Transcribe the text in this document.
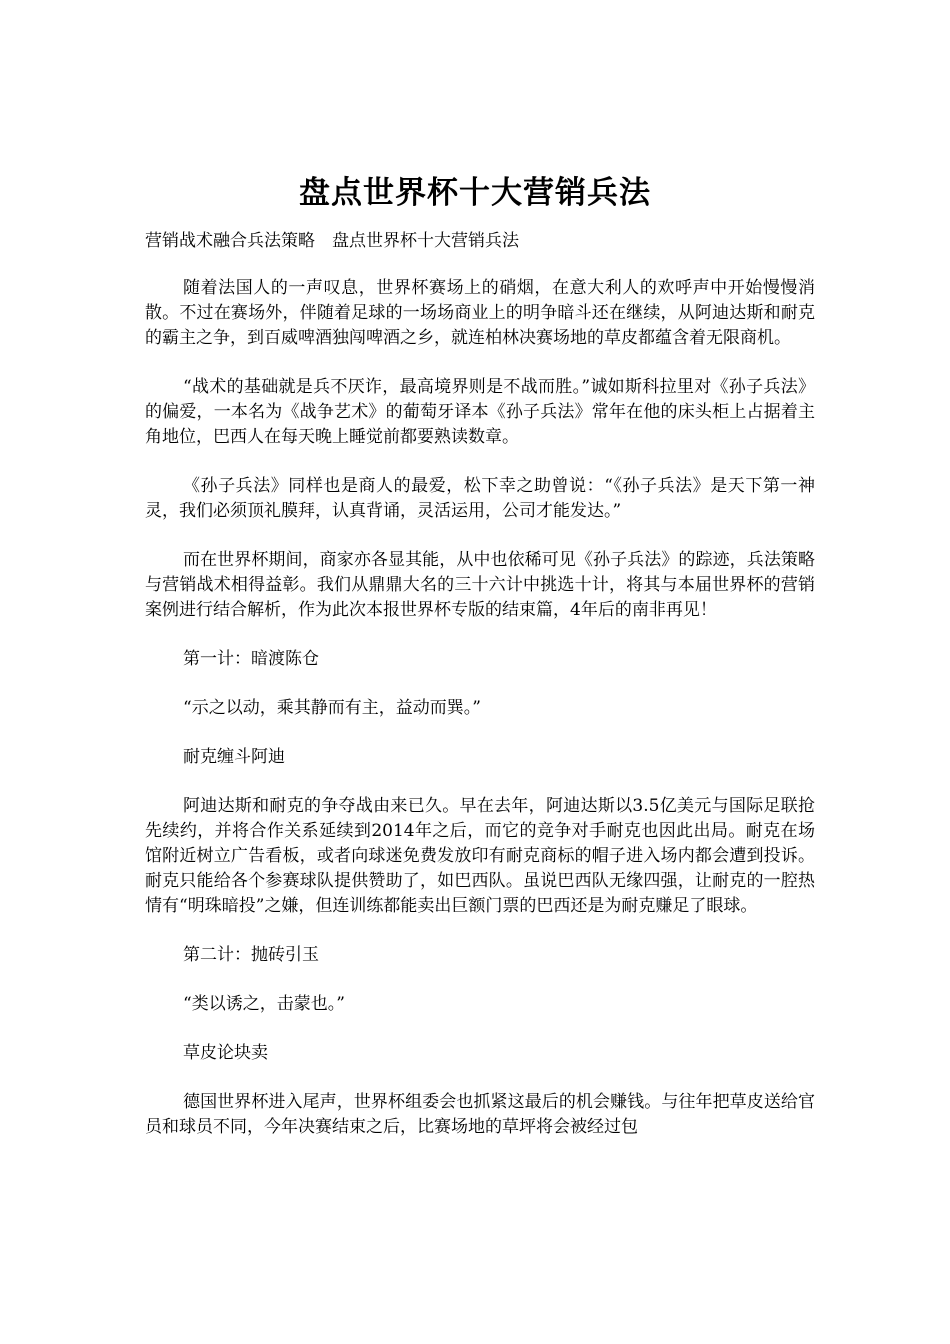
盘点世界杯十大营销兵法
营销战术融合兵法策略　盘点世界杯十大营销兵法

随着法国人的一声叹息，世界杯赛场上的硝烟，在意大利人的欢呼声中开始慢慢消散。不过在赛场外，伴随着足球的一场场商业上的明争暗斗还在继续，从阿迪达斯和耐克的霸主之争，到百威啤酒独闯啤酒之乡，就连柏林决赛场地的草皮都蕴含着无限商机。

“战术的基础就是兵不厌诈，最高境界则是不战而胜。”诚如斯科拉里对《孙子兵法》的偏爱，一本名为《战争艺术》的葡萄牙译本《孙子兵法》常年在他的床头柜上占据着主角地位，巴西人在每天晚上睡觉前都要熟读数章。

《孙子兵法》同样也是商人的最爱，松下幸之助曾说：“《孙子兵法》是天下第一神灵，我们必须顶礼膜拜，认真背诵，灵活运用，公司才能发达。”

而在世界杯期间，商家亦各显其能，从中也依稀可见《孙子兵法》的踪迹，兵法策略与营销战术相得益彰。我们从鼎鼎大名的三十六计中挑选十计，将其与本届世界杯的营销案例进行结合解析，作为此次本报世界杯专版的结束篇，4年后的南非再见！

第一计：暗渡陈仓

“示之以动，乘其静而有主，益动而巽。”

耐克缠斗阿迪

阿迪达斯和耐克的争夺战由来已久。早在去年，阿迪达斯以3.5亿美元与国际足联抢先续约，并将合作关系延续到2014年之后，而它的竞争对手耐克也因此出局。耐克在场馆附近树立广告看板，或者向球迷免费发放印有耐克商标的帽子进入场内都会遭到投诉。耐克只能给各个参赛球队提供赞助了，如巴西队。虽说巴西队无缘四强，让耐克的一腔热情有“明珠暗投”之嫌，但连训练都能卖出巨额门票的巴西还是为耐克赚足了眼球。

第二计：抛砖引玉

“类以诱之，击蒙也。”

草皮论块卖

德国世界杯进入尾声，世界杯组委会也抓紧这最后的机会赚钱。与往年把草皮送给官员和球员不同，今年决赛结束之后，比赛场地的草坪将会被经过包
